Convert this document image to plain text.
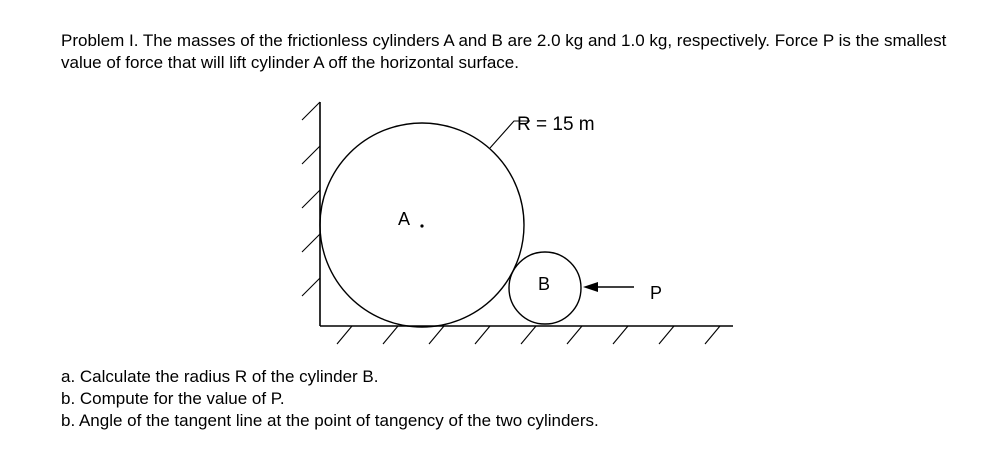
Problem I. The masses of the frictionless cylinders A and B are 2.0 kg and 1.0 kg, respectively. Force P is the smallest value of force that will lift cylinder A off the horizontal surface.

A
R = 15 m
B	P
a. Calculate the radius R of the cylinder B.
b. Compute for the value of P.
b. Angle of the tangent line at the point of tangency of the two cylinders.
